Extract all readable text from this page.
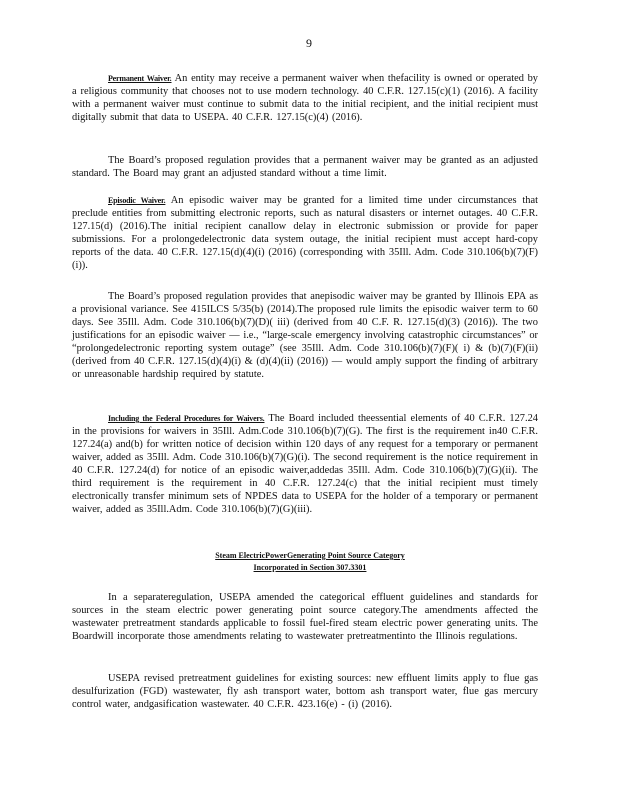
9
Permanent Waiver. An entity may receive a permanent waiver when thefacility is owned or operated by a religious community that chooses not to use modern technology. 40 C.F.R. 127.15(c)(1) (2016). A facility with a permanent waiver must continue to submit data to the initial recipient, and the initial recipient must digitally submit that data to USEPA. 40 C.F.R. 127.15(c)(4) (2016).
The Board’s proposed regulation provides that a permanent waiver may be granted as an adjusted standard. The Board may grant an adjusted standard without a time limit.
Episodic Waiver. An episodic waiver may be granted for a limited time under circumstances that preclude entities from submitting electronic reports, such as natural disasters or internet outages. 40 C.F.R. 127.15(d) (2016).The initial recipient canallow delay in electronic submission or provide for paper submissions. For a prolongedelectronic data system outage, the initial recipient must accept hard-copy reports of the data. 40 C.F.R. 127.15(d)(4)(i) (2016) (corresponding with 35Ill. Adm. Code 310.106(b)(7)(F)(i)).
The Board’s proposed regulation provides that anepisodic waiver may be granted by Illinois EPA as a provisional variance. See 415ILCS 5/35(b) (2014).The proposed rule limits the episodic waiver term to 60 days. See 35Ill. Adm. Code 310.106(b)(7)(D)( iii) (derived from 40 C.F. R. 127.15(d)(3) (2016)). The two justifications for an episodic waiver — i.e., “large-scale emergency involving catastrophic circumstances” or “prolongedelectronic reporting system outage” (see 35Ill. Adm. Code 310.106(b)(7)(F)( i) & (b)(7)(F)(ii) (derived from 40 C.F.R. 127.15(d)(4)(i) & (d)(4)(ii) (2016)) — would amply support the finding of arbitrary or unreasonable hardship required by statute.
Including the Federal Procedures for Waivers. The Board included theessential elements of 40 C.F.R. 127.24 in the provisions for waivers in 35Ill. Adm.Code 310.106(b)(7)(G). The first is the requirement in40 C.F.R. 127.24(a) and(b) for written notice of decision within 120 days of any request for a temporary or permanent waiver, added as 35Ill. Adm. Code 310.106(b)(7)(G)(i). The second requirement is the notice requirement in 40 C.F.R. 127.24(d) for notice of an episodic waiver,addedas 35Ill. Adm. Code 310.106(b)(7)(G)(ii). The third requirement is the requirement in 40 C.F.R. 127.24(c) that the initial recipient must timely electronically transfer minimum sets of NPDES data to USEPA for the holder of a temporary or permanent waiver, added as 35Ill.Adm. Code 310.106(b)(7)(G)(iii).
Steam ElectricPowerGenerating Point Source Category
Incorporated in Section 307.3301
In a separateregulation, USEPA amended the categorical effluent guidelines and standards for sources in the steam electric power generating point source category.The amendments affected the wastewater pretreatment standards applicable to fossil fuel-fired steam electric power generating units. The Boardwill incorporate those amendments relating to wastewater pretreatmentinto the Illinois regulations.
USEPA revised pretreatment guidelines for existing sources: new effluent limits apply to flue gas desulfurization (FGD) wastewater, fly ash transport water, bottom ash transport water, flue gas mercury control water, andgasification wastewater. 40 C.F.R. 423.16(e) - (i) (2016).
